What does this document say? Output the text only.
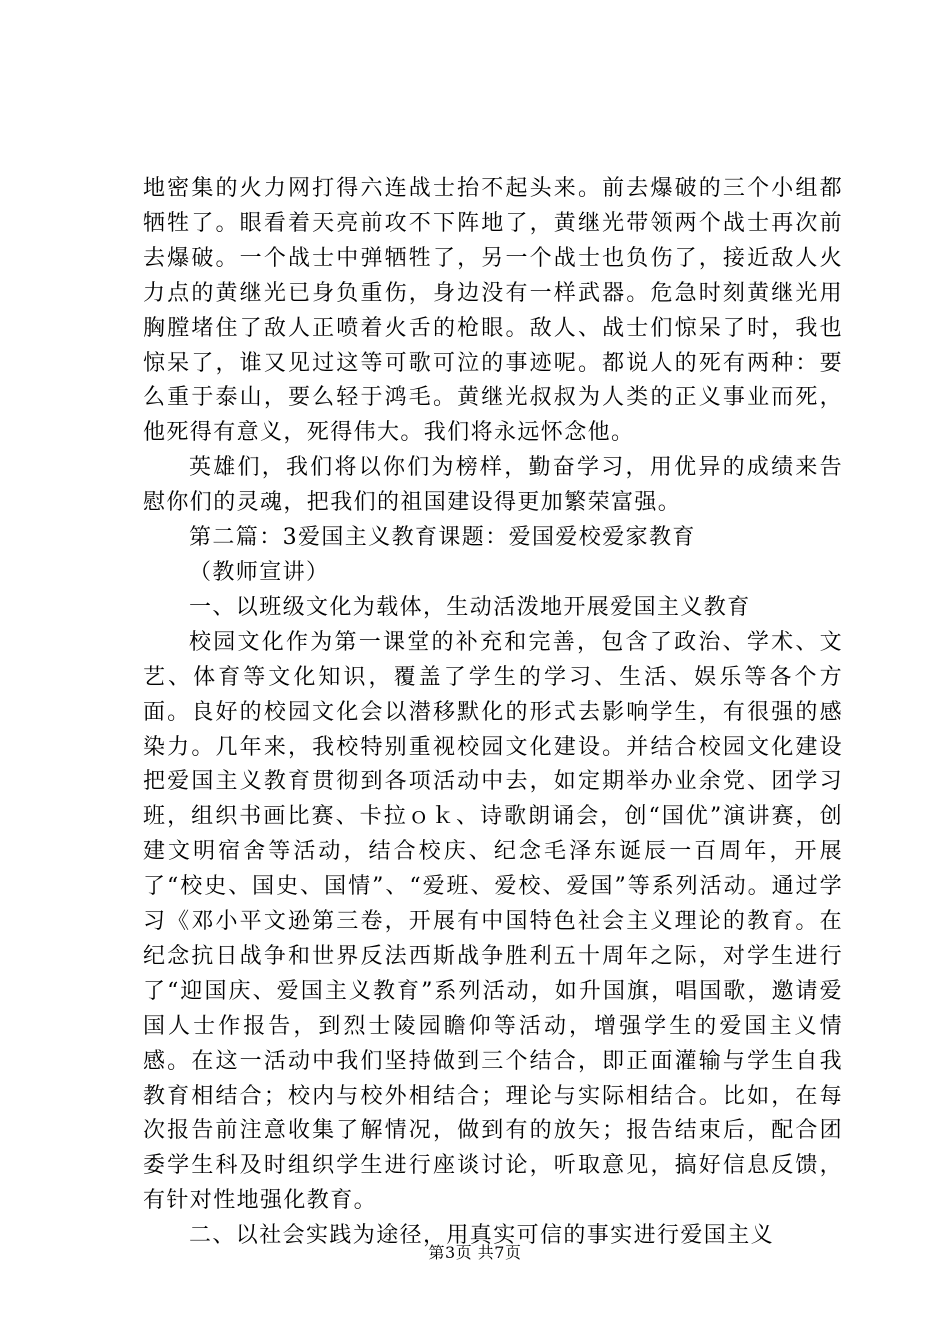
地密集的火力网打得六连战士抬不起头来。前去爆破的三个小组都牺牲了。眼看着天亮前攻不下阵地了，黄继光带领两个战士再次前去爆破。一个战士中弹牺牲了，另一个战士也负伤了，接近敌人火力点的黄继光已身负重伤，身边没有一样武器。危急时刻黄继光用胸膛堵住了敌人正喷着火舌的枪眼。敌人、战士们惊呆了时，我也惊呆了，谁又见过这等可歌可泣的事迹呢。都说人的死有两种：要么重于泰山，要么轻于鸿毛。黄继光叔叔为人类的正义事业而死，他死得有意义，死得伟大。我们将永远怀念他。

英雄们，我们将以你们为榜样，勤奋学习，用优异的成绩来告慰你们的灵魂，把我们的祖国建设得更加繁荣富强。

第二篇：3爱国主义教育课题：爱国爱校爱家教育

（教师宣讲）

一、以班级文化为载体，生动活泼地开展爱国主义教育

校园文化作为第一课堂的补充和完善，包含了政治、学术、文艺、体育等文化知识，覆盖了学生的学习、生活、娱乐等各个方面。良好的校园文化会以潜移默化的形式去影响学生，有很强的感染力。几年来，我校特别重视校园文化建设。并结合校园文化建设把爱国主义教育贯彻到各项活动中去，如定期举办业余党、团学习班，组织书画比赛、卡拉ｏｋ、诗歌朗诵会，创“国优”演讲赛，创建文明宿舍等活动，结合校庆、纪念毛泽东诞辰一百周年，开展了“校史、国史、国情”、“爱班、爱校、爱国”等系列活动。通过学习《邓小平文逊第三卷，开展有中国特色社会主义理论的教育。在纪念抗日战争和世界反法西斯战争胜利五十周年之际，对学生进行了“迎国庆、爱国主义教育”系列活动，如升国旗，唱国歌，邀请爱国人士作报告，到烈士陵园瞻仰等活动，增强学生的爱国主义情感。在这一活动中我们坚持做到三个结合，即正面灌输与学生自我教育相结合；校内与校外相结合；理论与实际相结合。比如，在每次报告前注意收集了解情况，做到有的放矢；报告结束后，配合团委学生科及时组织学生进行座谈讨论，听取意见，搞好信息反馈，有针对性地强化教育。

二、以社会实践为途径，用真实可信的事实进行爱国主义

第3页 共7页
